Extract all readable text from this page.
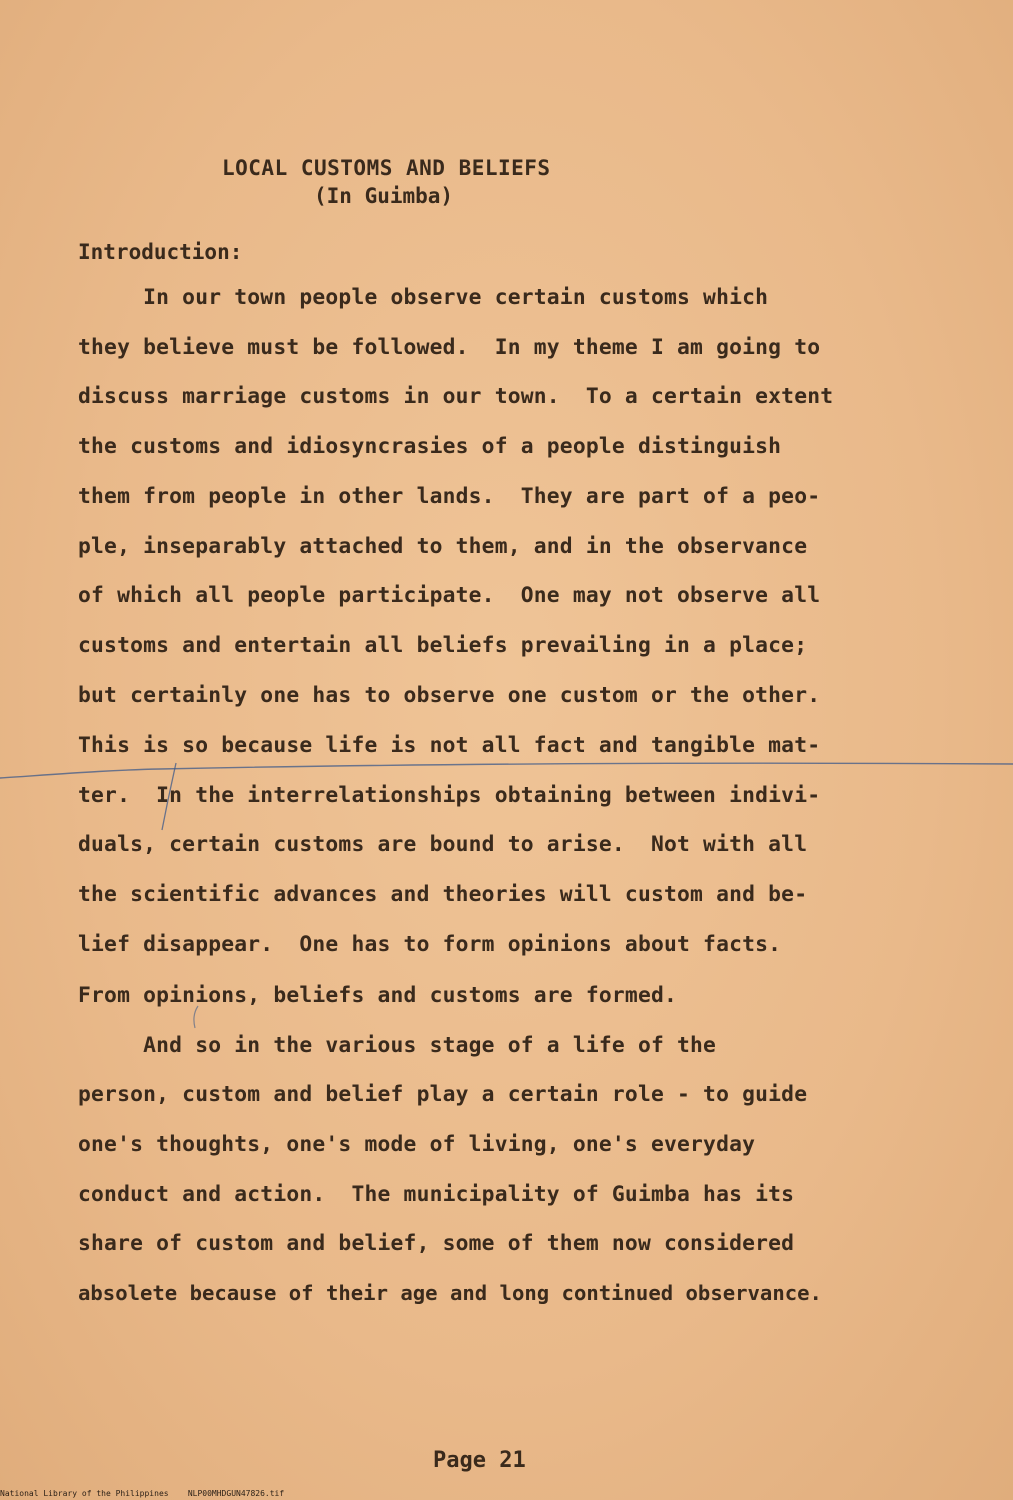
LOCAL CUSTOMS AND BELIEFS
(In Guimba)
Introduction:
In our town people observe certain customs which
they believe must be followed.  In my theme I am going to
discuss marriage customs in our town.  To a certain extent
the customs and idiosyncrasies of a people distinguish
them from people in other lands.  They are part of a peo-
ple, inseparably attached to them, and in the observance
of which all people participate.  One may not observe all
customs and entertain all beliefs prevailing in a place;
but certainly one has to observe one custom or the other.
This is so because life is not all fact and tangible mat-
ter.  In the interrelationships obtaining between indivi-
duals, certain customs are bound to arise.  Not with all
the scientific advances and theories will custom and be-
lief disappear.  One has to form opinions about facts.
From opinions, beliefs and customs are formed.
And so in the various stage of a life of the
person, custom and belief play a certain role - to guide
one's thoughts, one's mode of living, one's everyday
conduct and action.  The municipality of Guimba has its
share of custom and belief, some of them now considered
absolete because of their age and long continued observance.
Page 21
National Library of the Philippines    NLP00MHDGUN47826.tif
